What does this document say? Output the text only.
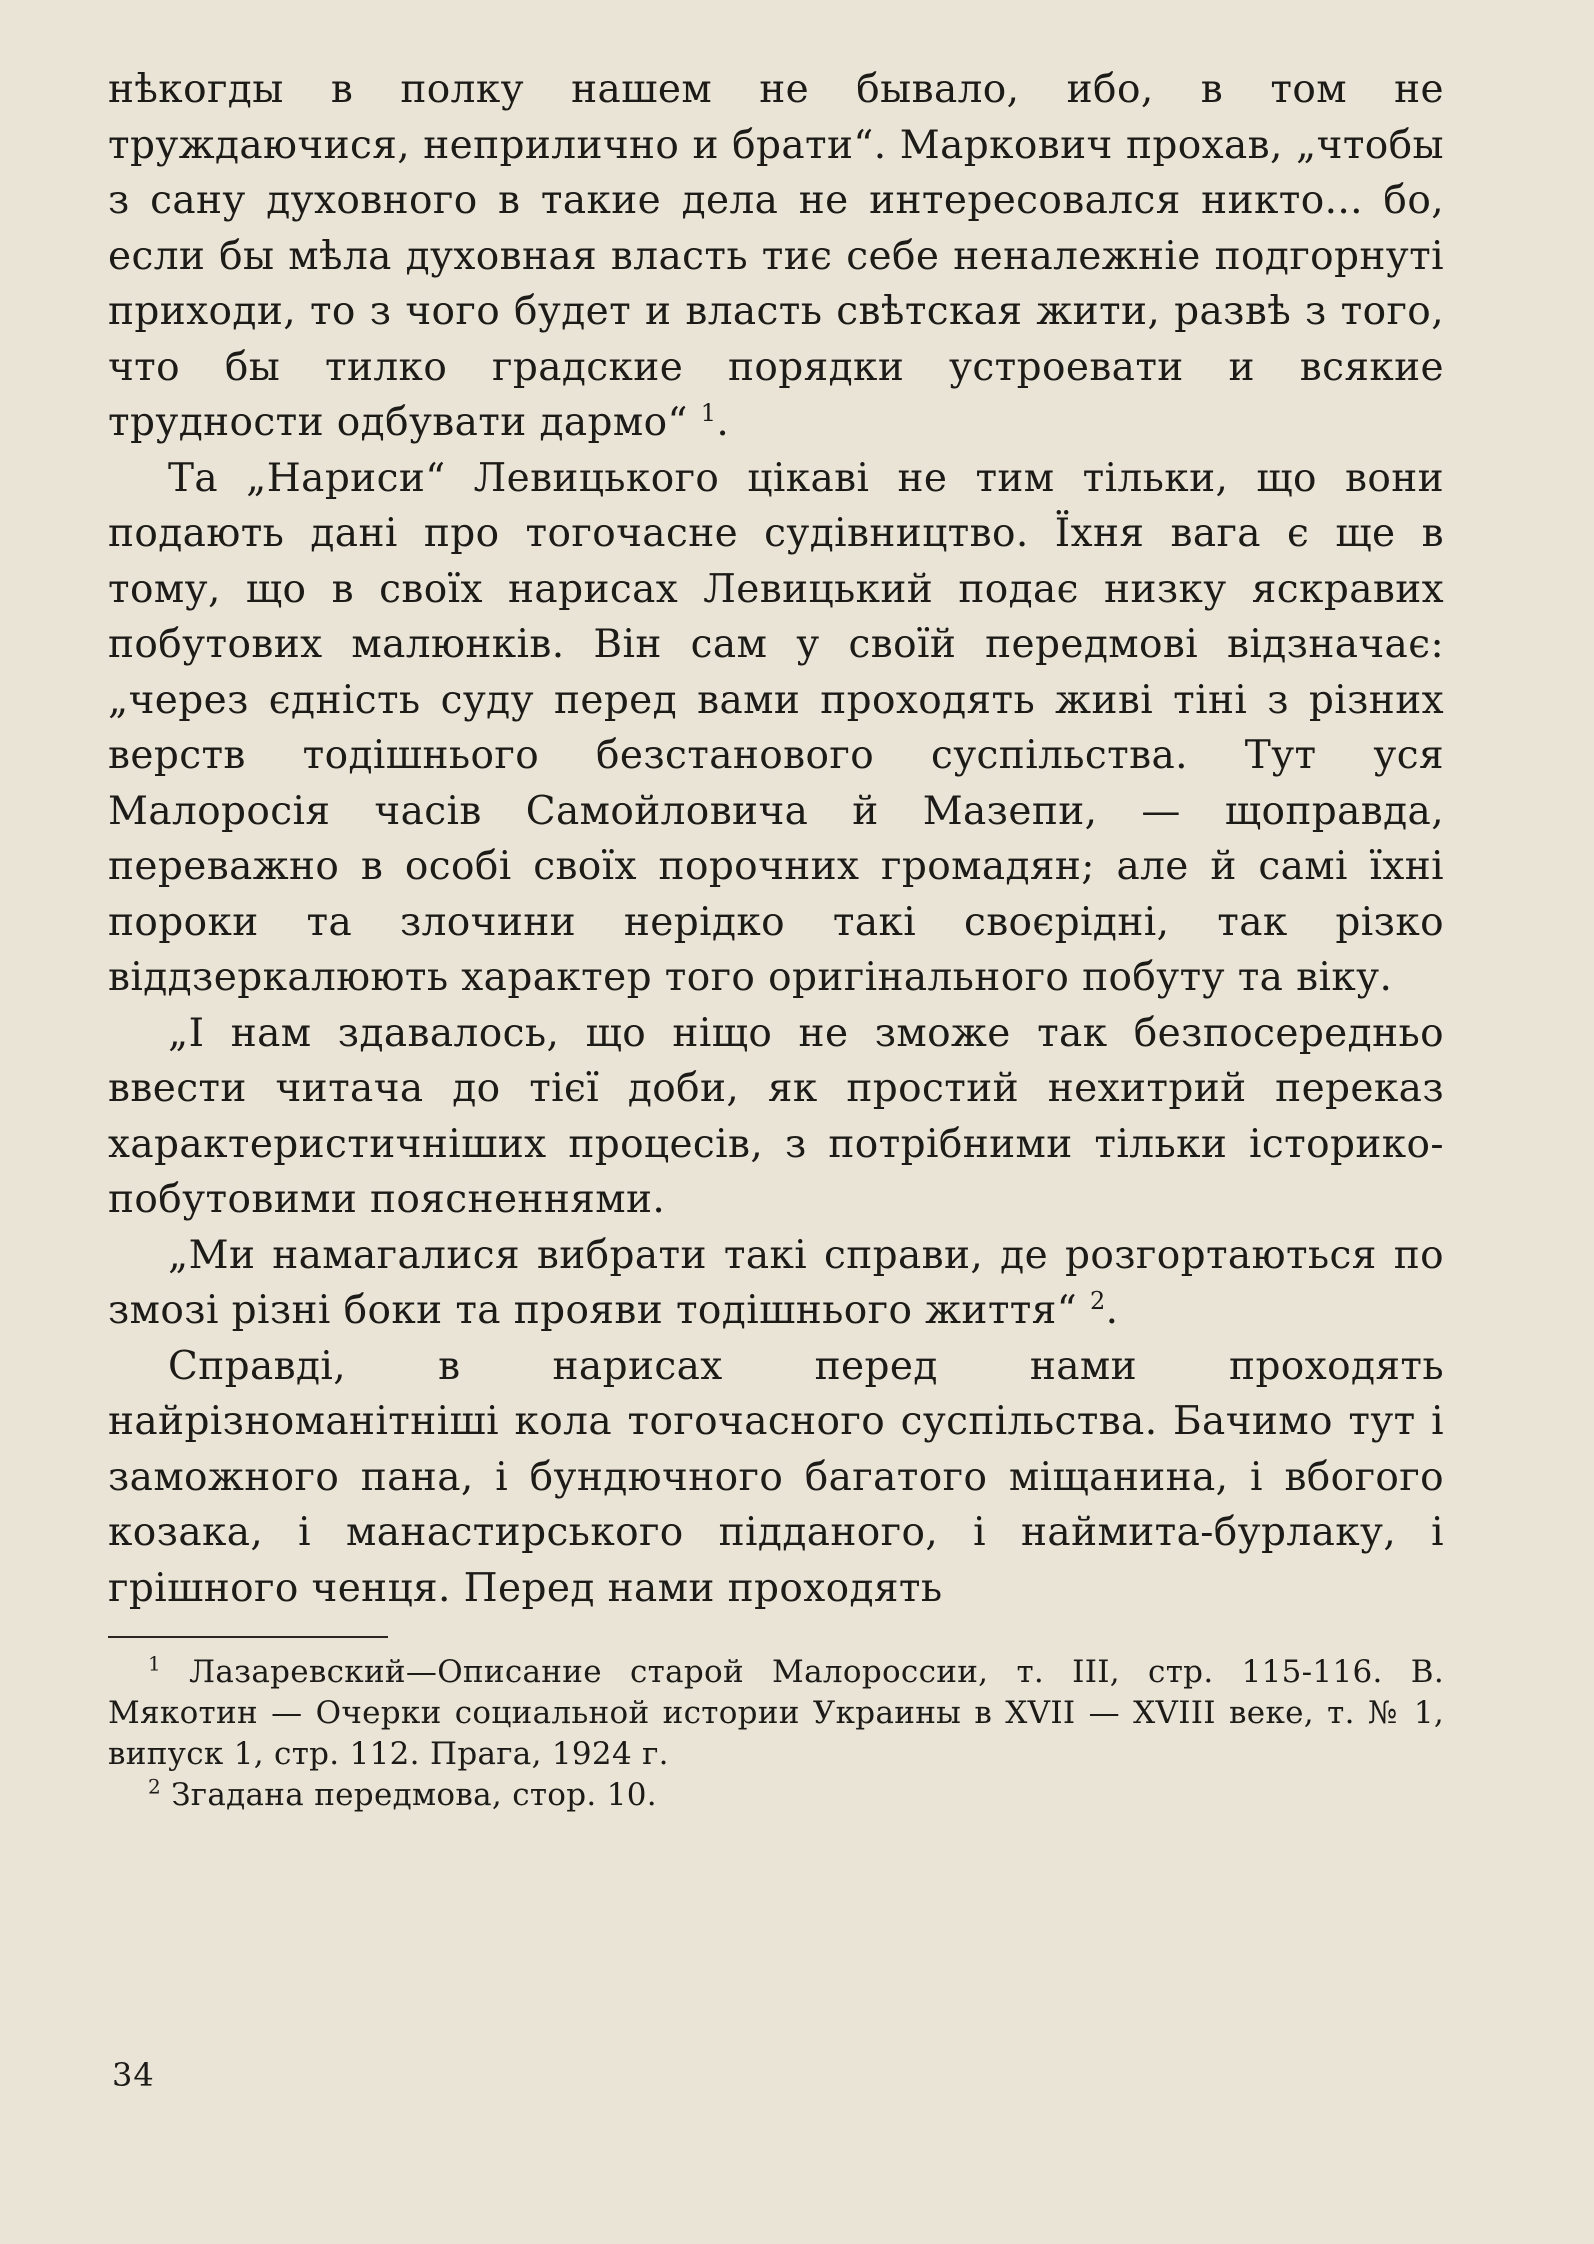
нѣкогды в полку нашем не бывало, ибо, в том не труждаючися, неприлично и брати“. Маркович прохав, „чтобы з сану духовного в такие дела не интересовался никто... бо, если бы мѣла духовная власть тиє себе неналежніе подгорнуті приходи, то з чого будет и власть свѣтская жити, развѣ з того, что бы тилко градские порядки устроевати и всякие трудности одбувати дармо“ $^1$.

Та „Нариси“ Левицького цікаві не тим тільки, що вони подають дані про тогочасне судівництво. Їхня вага є ще в тому, що в своїх нарисах Левицький подає низку яскравих побутових малюнків. Він сам у своїй передмові відзначає: „через єдність суду перед вами проходять живі тіні з різних верств тодішнього безстанового суспільства. Тут уся Малоросія часів Самойловича й Мазепи, — щоправда, переважно в особі своїх порочних громадян; але й самі їхні пороки та злочини нерідко такі своєрідні, так різко віддзеркалюють характер того оригінального побуту та віку.

„І нам здавалось, що ніщо не зможе так безпосередньо ввести читача до тієї доби, як простий нехитрий переказ характеристичніших процесів, з потрібними тільки історико-побутовими поясненнями.

„Ми намагалися вибрати такі справи, де розгортаються по змозі різні боки та прояви тодішнього життя“ $^2$.

Справді, в нарисах перед нами проходять найрізноманітніші кола тогочасного суспільства. Бачимо тут і заможного пана, і бундючного багатого міщанина, і вбогого козака, і манастирського підданого, і наймита-бурлаку, і грішного ченця. Перед нами проходять

$^1$ Лазаревский—Описание старой Малороссии, т. III, стр. 115-116. В. Мякотин — Очерки социальной истории Украины в XVII — XVIII веке, т. № 1, випуск 1, стр. 112. Прага, 1924 г.

$^2$ Згадана передмова, стор. 10.

34
